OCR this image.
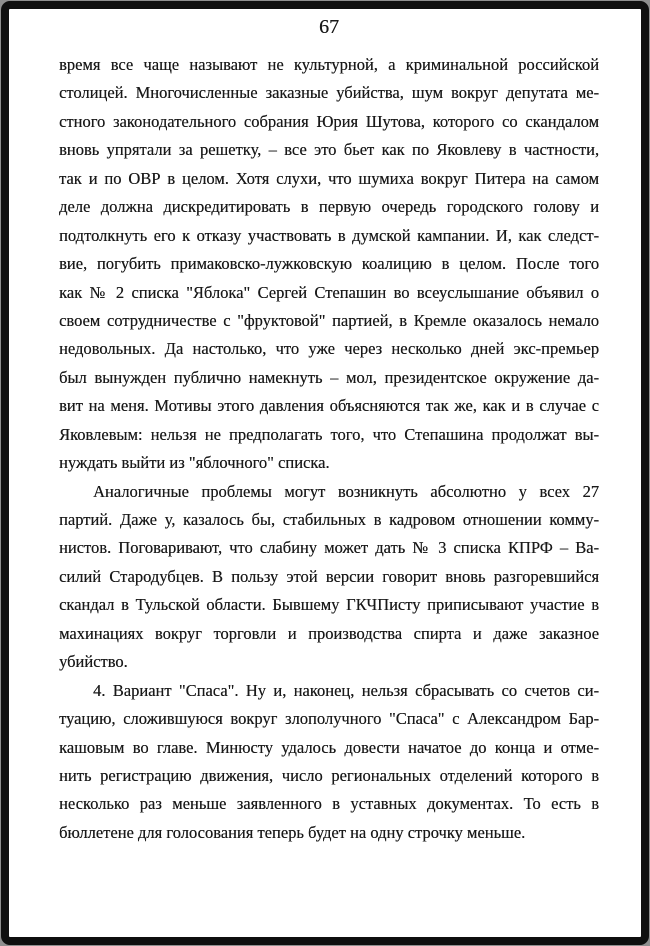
67
время все чаще называют не культурной, а криминальной российской
столицей. Многочисленные заказные убийства, шум вокруг депутата ме-
стного законодательного собрания Юрия Шутова, которого со скандалом
вновь упрятали за решетку, – все это бьет как по Яковлеву в частности,
так и по ОВР в целом. Хотя слухи, что шумиха вокруг Питера на самом
деле должна дискредитировать в первую очередь городского голову и
подтолкнуть его к отказу участвовать в думской кампании. И, как следст-
вие, погубить примаковско-лужковскую коалицию в целом. После того
как № 2 списка "Яблока" Сергей Степашин во всеуслышание объявил о
своем сотрудничестве с "фруктовой" партией, в Кремле оказалось немало
недовольных. Да настолько, что уже через несколько дней экс-премьер
был вынужден публично намекнуть – мол, президентское окружение да-
вит на меня. Мотивы этого давления объясняются так же, как и в случае с
Яковлевым: нельзя не предполагать того, что Степашина продолжат вы-
нуждать выйти из "яблочного" списка.
Аналогичные проблемы могут возникнуть абсолютно у всех 27
партий. Даже у, казалось бы, стабильных в кадровом отношении комму-
нистов. Поговаривают, что слабину может дать № 3 списка КПРФ – Ва-
силий Стародубцев. В пользу этой версии говорит вновь разгоревшийся
скандал в Тульской области. Бывшему ГКЧПисту приписывают участие в
махинациях вокруг торговли и производства спирта и даже заказное
убийство.
4. Вариант "Спаса". Ну и, наконец, нельзя сбрасывать со счетов си-
туацию, сложившуюся вокруг злополучного "Спаса" с Александром Бар-
кашовым во главе. Минюсту удалось довести начатое до конца и отме-
нить регистрацию движения, число региональных отделений которого в
несколько раз меньше заявленного в уставных документах. То есть в
бюллетене для голосования теперь будет на одну строчку меньше.
